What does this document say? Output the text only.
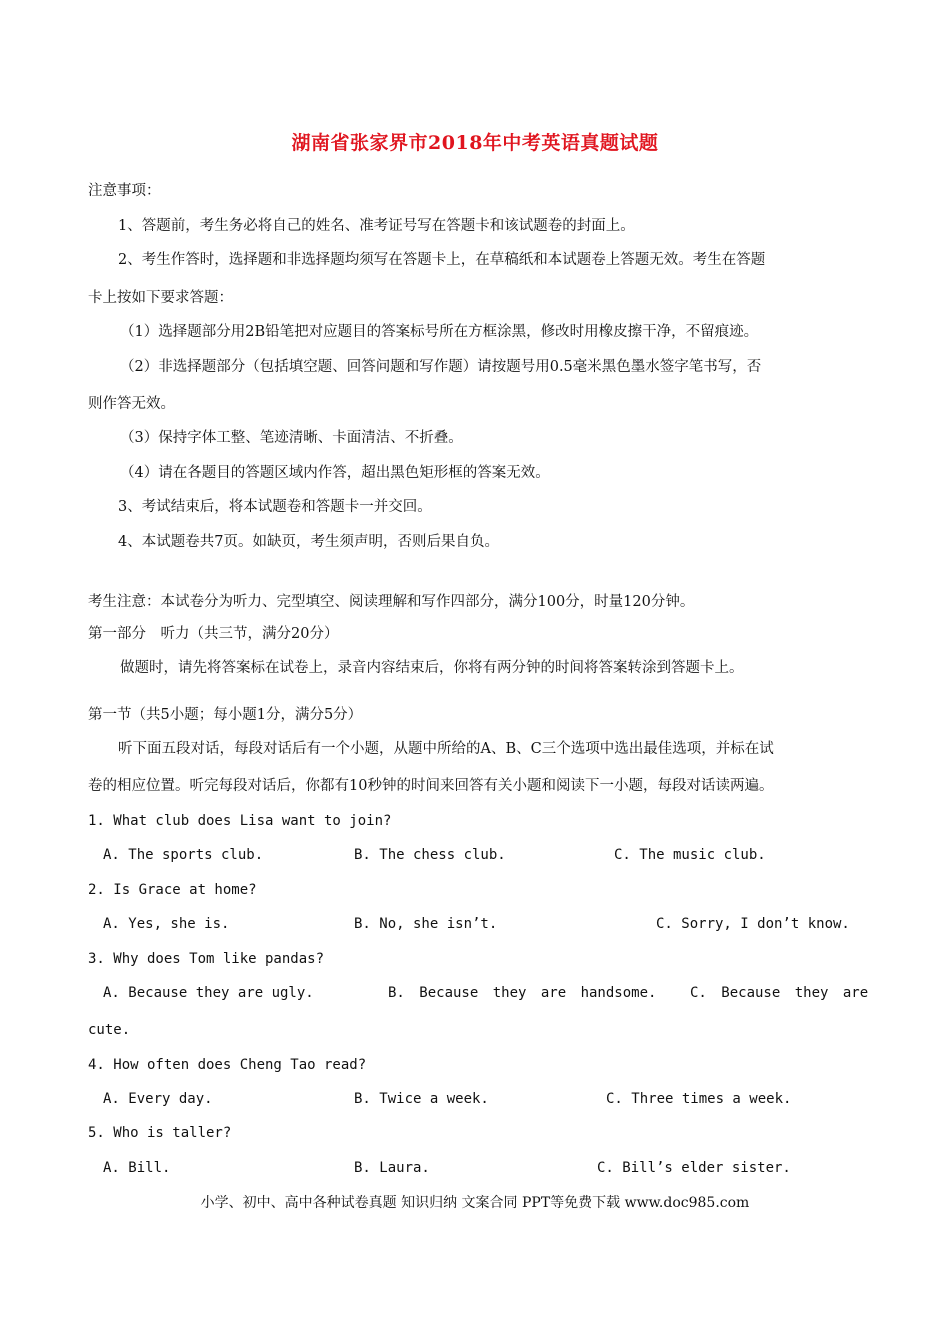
湖南省张家界市2018年中考英语真题试题
注意事项：
1、答题前，考生务必将自己的姓名、准考证号写在答题卡和该试题卷的封面上。
2、考生作答时，选择题和非选择题均须写在答题卡上，在草稿纸和本试题卷上答题无效。考生在答题
卡上按如下要求答题：
（1）选择题部分用2B铅笔把对应题目的答案标号所在方框涂黑，修改时用橡皮擦干净，不留痕迹。
（2）非选择题部分（包括填空题、回答问题和写作题）请按题号用0.5毫米黑色墨水签字笔书写，否
则作答无效。
（3）保持字体工整、笔迹清晰、卡面清洁、不折叠。
（4）请在各题目的答题区域内作答，超出黑色矩形框的答案无效。
3、考试结束后，将本试题卷和答题卡一并交回。
4、本试题卷共7页。如缺页，考生须声明，否则后果自负。
考生注意：本试卷分为听力、完型填空、阅读理解和写作四部分，满分100分，时量120分钟。
第一部分　听力（共三节，满分20分）
做题时，请先将答案标在试卷上，录音内容结束后，你将有两分钟的时间将答案转涂到答题卡上。
第一节（共5小题；每小题1分，满分5分）
听下面五段对话，每段对话后有一个小题，从题中所给的A、B、C三个选项中选出最佳选项，并标在试
卷的相应位置。听完每段对话后，你都有10秒钟的时间来回答有关小题和阅读下一小题，每段对话读两遍。
1. What club does Lisa want to join?
A. The sports club.	B. The chess club.	C. The music club.
2. Is Grace at home?
A. Yes, she is.	B. No, she isn’t.	C. Sorry, I don’t know.
3. Why does Tom like pandas?
A. Because they are ugly.	B. Because they are handsome. C. Because they are
cute.
4. How often does Cheng Tao read?
A. Every day.	B. Twice a week.	C. Three times a week.
5. Who is taller?
A. Bill.	B. Laura.	C. Bill’s elder sister.
小学、初中、高中各种试卷真题 知识归纳 文案合同 PPT等免费下载 www.doc985.com
